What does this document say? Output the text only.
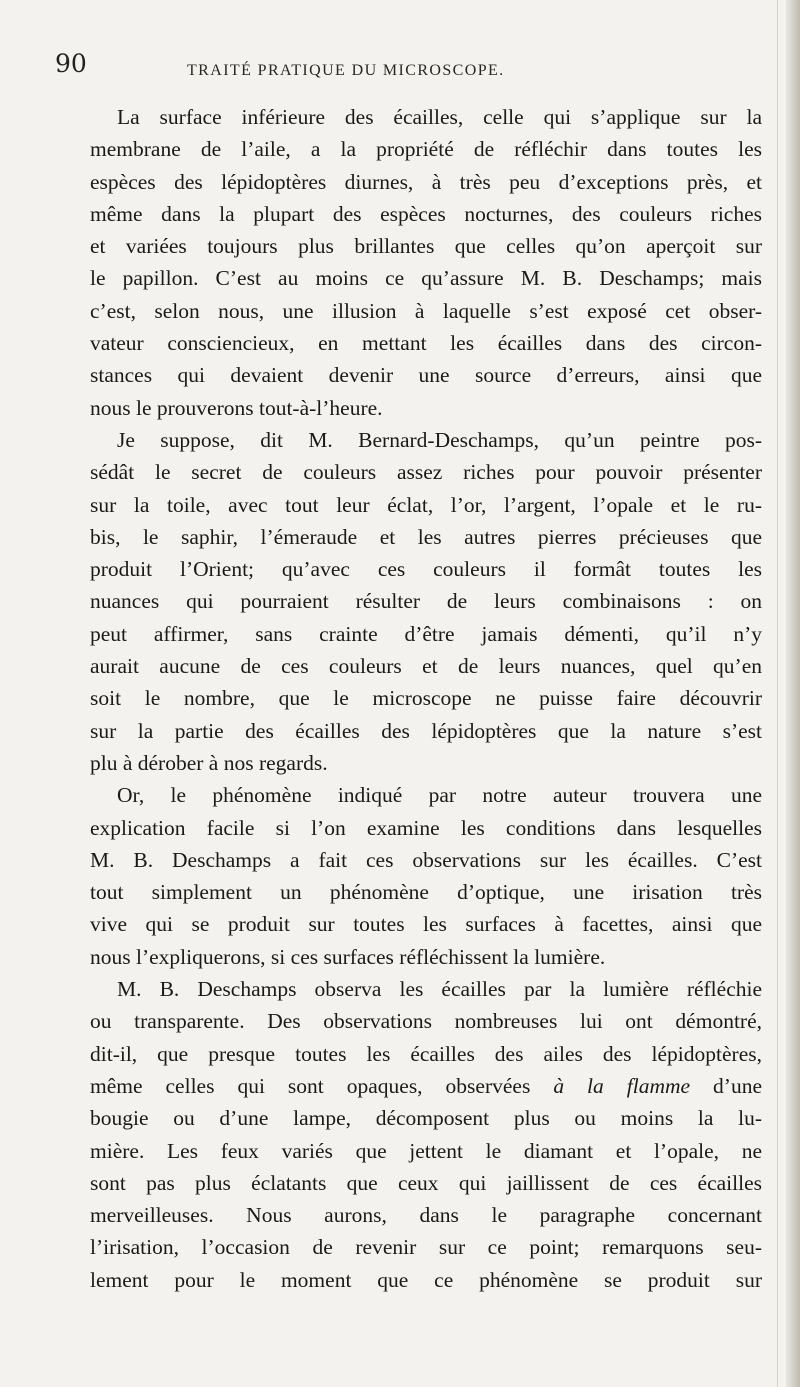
90	TRAITÉ PRATIQUE DU MICROSCOPE.
La surface inférieure des écailles, celle qui s’applique sur la
membrane de l’aile, a la propriété de réfléchir dans toutes les
espèces des lépidoptères diurnes, à très peu d’exceptions près, et
même dans la plupart des espèces nocturnes, des couleurs riches
et variées toujours plus brillantes que celles qu’on aperçoit sur
le papillon. C’est au moins ce qu’assure M. B. Deschamps; mais
c’est, selon nous, une illusion à laquelle s’est exposé cet obser-
vateur consciencieux, en mettant les écailles dans des circon-
stances qui devaient devenir une source d’erreurs, ainsi que
nous le prouverons tout-à-l’heure.
Je suppose, dit M. Bernard-Deschamps, qu’un peintre pos-
sédât le secret de couleurs assez riches pour pouvoir présenter
sur la toile, avec tout leur éclat, l’or, l’argent, l’opale et le ru-
bis, le saphir, l’émeraude et les autres pierres précieuses que
produit l’Orient; qu’avec ces couleurs il formât toutes les
nuances qui pourraient résulter de leurs combinaisons : on
peut affirmer, sans crainte d’être jamais démenti, qu’il n’y
aurait aucune de ces couleurs et de leurs nuances, quel qu’en
soit le nombre, que le microscope ne puisse faire découvrir
sur la partie des écailles des lépidoptères que la nature s’est
plu à dérober à nos regards.
Or, le phénomène indiqué par notre auteur trouvera une
explication facile si l’on examine les conditions dans lesquelles
M. B. Deschamps a fait ces observations sur les écailles. C’est
tout simplement un phénomène d’optique, une irisation très
vive qui se produit sur toutes les surfaces à facettes, ainsi que
nous l’expliquerons, si ces surfaces réfléchissent la lumière.
M. B. Deschamps observa les écailles par la lumière réfléchie
ou transparente. Des observations nombreuses lui ont démontré,
dit-il, que presque toutes les écailles des ailes des lépidoptères,
même celles qui sont opaques, observées à la flamme d’une
bougie ou d’une lampe, décomposent plus ou moins la lu-
mière. Les feux variés que jettent le diamant et l’opale, ne
sont pas plus éclatants que ceux qui jaillissent de ces écailles
merveilleuses. Nous aurons, dans le paragraphe concernant
l’irisation, l’occasion de revenir sur ce point; remarquons seu-
lement pour le moment que ce phénomène se produit sur
